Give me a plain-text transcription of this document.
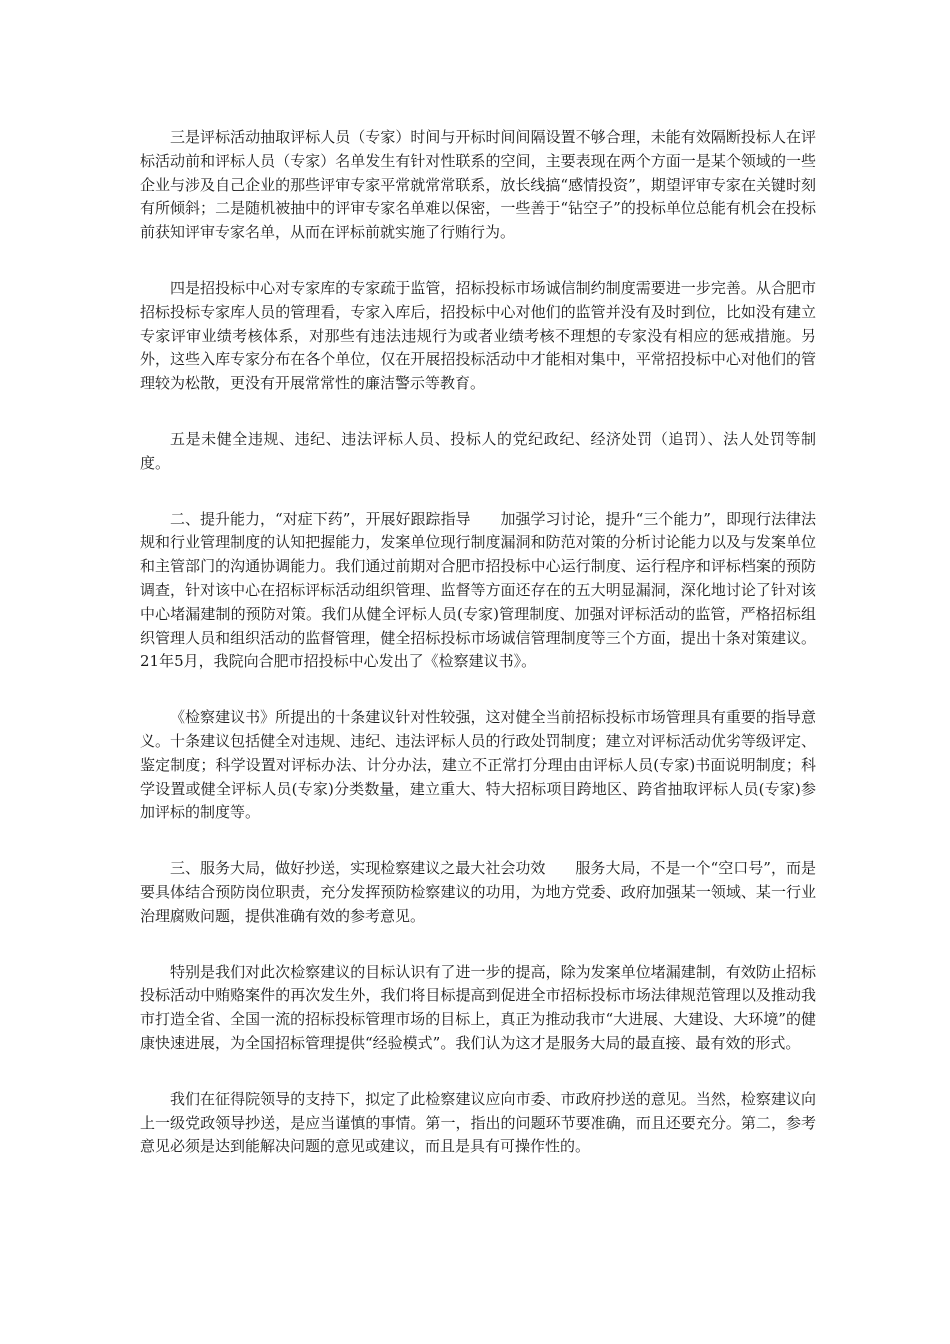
三是评标活动抽取评标人员（专家）时间与开标时间间隔设置不够合理，未能有效隔断投标人在评标活动前和评标人员（专家）名单发生有针对性联系的空间，主要表现在两个方面一是某个领域的一些企业与涉及自己企业的那些评审专家平常就常常联系，放长线搞“感情投资”，期望评审专家在关键时刻有所倾斜；二是随机被抽中的评审专家名单难以保密，一些善于“钻空子”的投标单位总能有机会在投标前获知评审专家名单，从而在评标前就实施了行贿行为。

四是招投标中心对专家库的专家疏于监管，招标投标市场诚信制约制度需要进一步完善。从合肥市招标投标专家库人员的管理看，专家入库后，招投标中心对他们的监管并没有及时到位，比如没有建立专家评审业绩考核体系，对那些有违法违规行为或者业绩考核不理想的专家没有相应的惩戒措施。另外，这些入库专家分布在各个单位，仅在开展招投标活动中才能相对集中，平常招投标中心对他们的管理较为松散，更没有开展常常性的廉洁警示等教育。

五是未健全违规、违纪、违法评标人员、投标人的党纪政纪、经济处罚（追罚）、法人处罚等制度。

二、提升能力，“对症下药”，开展好跟踪指导　　加强学习讨论，提升“三个能力”，即现行法律法规和行业管理制度的认知把握能力，发案单位现行制度漏洞和防范对策的分析讨论能力以及与发案单位和主管部门的沟通协调能力。我们通过前期对合肥市招投标中心运行制度、运行程序和评标档案的预防调查，针对该中心在招标评标活动组织管理、监督等方面还存在的五大明显漏洞，深化地讨论了针对该中心堵漏建制的预防对策。我们从健全评标人员(专家)管理制度、加强对评标活动的监管，严格招标组织管理人员和组织活动的监督管理，健全招标投标市场诚信管理制度等三个方面，提出十条对策建议。21年5月，我院向合肥市招投标中心发出了《检察建议书》。

《检察建议书》所提出的十条建议针对性较强，这对健全当前招标投标市场管理具有重要的指导意义。十条建议包括健全对违规、违纪、违法评标人员的行政处罚制度；建立对评标活动优劣等级评定、鉴定制度；科学设置对评标办法、计分办法，建立不正常打分理由由评标人员(专家)书面说明制度；科学设置或健全评标人员(专家)分类数量，建立重大、特大招标项目跨地区、跨省抽取评标人员(专家)参加评标的制度等。

三、服务大局，做好抄送，实现检察建议之最大社会功效　　服务大局，不是一个“空口号”，而是要具体结合预防岗位职责，充分发挥预防检察建议的功用，为地方党委、政府加强某一领域、某一行业治理腐败问题，提供准确有效的参考意见。

特别是我们对此次检察建议的目标认识有了进一步的提高，除为发案单位堵漏建制，有效防止招标投标活动中贿赂案件的再次发生外，我们将目标提高到促进全市招标投标市场法律规范管理以及推动我市打造全省、全国一流的招标投标管理市场的目标上，真正为推动我市“大进展、大建设、大环境”的健康快速进展，为全国招标管理提供“经验模式”。我们认为这才是服务大局的最直接、最有效的形式。

我们在征得院领导的支持下，拟定了此检察建议应向市委、市政府抄送的意见。当然，检察建议向上一级党政领导抄送，是应当谨慎的事情。第一，指出的问题环节要准确，而且还要充分。第二，参考意见必须是达到能解决问题的意见或建议，而且是具有可操作性的。
